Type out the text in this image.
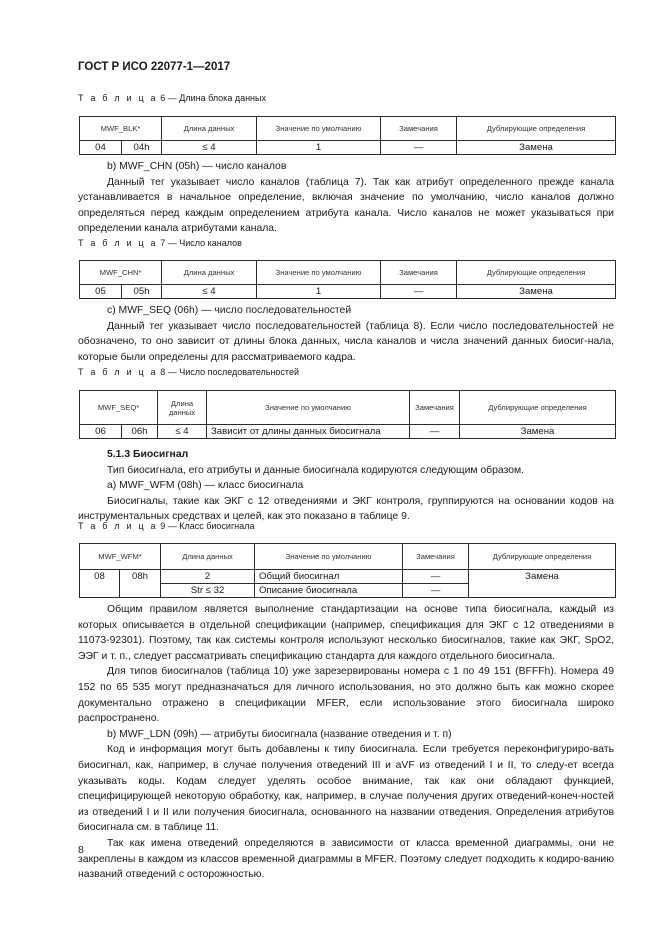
ГОСТ Р ИСО 22077-1—2017
Т а б л и ц а 6 — Длина блока данных
MWF_BLK*		Длина данных	Значение по умолчанию	Замечания	Дублирующие определения
04	04h	≤ 4	1	—	Замена

b) MWF_CHN (05h) — число каналов

Данный тег указывает число каналов (таблица 7). Так как атрибут определенного прежде канала устанавливается в начальное определение, включая значение по умолчанию, число каналов должно определяться перед каждым определением атрибута канала. Число каналов не может указываться при определении канала атрибутами канала.

Т а б л и ц а 7 — Число каналов
MWF_CHN*		Длина данных	Значение по умолчанию	Замечания	Дублирующие определения
05	05h	≤ 4	1	—	Замена

c) MWF_SEQ (06h) — число последовательностей

Данный тег указывает число последовательностей (таблица 8). Если число последовательностей не обозначено, то оно зависит от длины блока данных, числа каналов и числа значений данных биосиг-нала, которые были определены для рассматриваемого кадра.

Т а б л и ц а 8 — Число последовательностей
MWF_SEQ*		Длина данных	Значение по умолчанию	Замечания	Дублирующие определения
06	06h	≤ 4	Зависит от длины данных биосигнала	—	Замена

5.1.3 Биосигнал

Тип биосигнала, его атрибуты и данные биосигнала кодируются следующим образом.

a) MWF_WFM (08h) — класс биосигнала

Биосигналы, такие как ЭКГ с 12 отведениями и ЭКГ контроля, группируются на основании кодов на инструментальных средствах и целей, как это показано в таблице 9.

Т а б л и ц а 9 — Класс биосигнала
MWF_WFM*		Длина данных	Значение по умолчанию	Замечания	Дублирующие определения
08	08h	2	Общий биосигнал	—	Замена
		Str ≤ 32	Описание биосигнала	—	

Общим правилом является выполнение стандартизации на основе типа биосигнала, каждый из которых описывается в отдельной спецификации (например, спецификация для ЭКГ с 12 отведениями в 11073-92301). Поэтому, так как системы контроля используют несколько биосигналов, такие как ЭКГ, SpO2, ЭЭГ и т. п., следует рассматривать спецификацию стандарта для каждого отдельного биосигнала.

Для типов биосигналов (таблица 10) уже зарезервированы номера с 1 по 49 151 (BFFFh). Номера 49 152 по 65 535 могут предназначаться для личного использования, но это должно быть как можно скорее документально отражено в спецификации MFER, если использование этого биосигнала широко распространено.

b) MWF_LDN (09h) — атрибуты биосигнала (название отведения и т. п)

Код и информация могут быть добавлены к типу биосигнала. Если требуется переконфигуриро-вать биосигнал, как, например, в случае получения отведений III и aVF из отведений I и II, то следу-ет всегда указывать коды. Кодам следует уделять особое внимание, так как они обладают функцией, специфицирующей некоторую обработку, как, например, в случае получения других отведений-конеч-ностей из отведений I и II или получения биосигнала, основанного на названии отведения. Определения атрибутов биосигнала см. в таблице 11.

Так как имена отведений определяются в зависимости от класса временной диаграммы, они не закреплены в каждом из классов временной диаграммы в MFER. Поэтому следует подходить к кодиро-ванию названий отведений с осторожностью.

8
